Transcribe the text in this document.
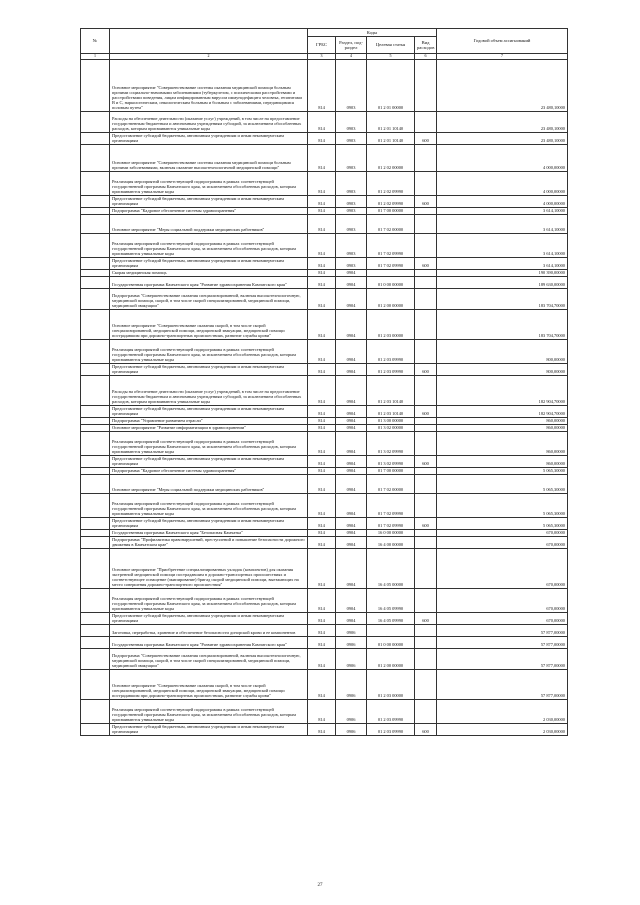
№		Коды				Годовой объем ассигнований
		ГРБС	Раздел, под-раздел	Целевая статья	Вид расходов	
1	2	3	4	5	6	7
	Основное мероприятие "Совершенствование системы оказания медицинской помощи больным прочими социально-значимыми заболеваниями (туберкулезом, с психическими расстройствами и расстройствами поведения, лицам инфицированным вирусом иммунодефицита человека, гепатитами В и С, наркологическим, онкологическим больным и больным с заболеваниями, передающимися половым путем"	814	0903	01 2 01 00000		23 480,10000
	Расходы на обеспечение деятельности (оказание услуг) учреждений, в том числе на предоставление государственным бюджетным и автономным учреждениям субсидий, за исключением обособленных расходов, которым присваиваются уникальные коды	814	0903	01 2 01 10140		23 480,10000
	Предоставление субсидий бюджетным, автономным учреждениям и иным некоммерческим организациям	814	0903	01 2 01 10140	600	23 480,10000
	Основное мероприятие "Совершенствование системы оказания медицинской помощи больным прочими заболеваниями, включая оказание высокотехнологичной медицинской помощи"	814	0903	01 2 02 00000		4 000,00000
	Реализация мероприятий соответствующей подпрограммы в рамках соответствующей государственной программы Камчатского края, за исключением обособленных расходов, которым присваиваются уникальные коды	814	0903	01 2 02 09990		4 000,00000
	Предоставление субсидий бюджетным, автономным учреждениям и иным некоммерческим организациям	814	0903	01 2 02 09990	600	4 000,00000
	Подпрограмма "Кадровое обеспечение системы здравоохранения"	814	0903	01 7 00 00000		3 614,10000
	Основное мероприятие "Меры социальной поддержки медицинских работников"	814	0903	01 7 02 00000		3 614,10000
	Реализация мероприятий соответствующей подпрограммы в рамках соответствующей государственной программы Камчатского края, за исключением обособленных расходов, которым присваиваются уникальные коды	814	0903	01 7 02 09990		3 614,10000
	Предоставление субсидий бюджетным, автономным учреждениям и иным некоммерческим организациям	814	0903	01 7 02 09990	600	3 614,10000
	Скорая медицинская помощь	814	0904			190 390,00000
	Государственная программа Камчатского края "Развитие здравоохранения Камчатского края"	814	0904	01 0 00 00000		189 630,00000
	Подпрограмма "Совершенствование оказания специализированной, включая высокотехнологичную, медицинской помощи, скорой, в том числе скорой специализированной, медицинской помощи, медицинской эвакуации"	814	0904	01 2 00 00000		183 704,70000
	Основное мероприятие "Совершенствование оказания скорой, в том числе скорой специализированной, медицинской помощи, медицинской эвакуации, медицинской помощи пострадавшим при дорожно-транспортных происшествиях, развитие службы крови"	814	0904	01 2 03 00000		183 704,70000
	Реализация мероприятий соответствующей подпрограммы в рамках соответствующей государственной программы Камчатского края, за исключением обособленных расходов, которым присваиваются уникальные коды	814	0904	01 2 03 09990		800,00000
	Предоставление субсидий бюджетным, автономным учреждениям и иным некоммерческим организациям	814	0904	01 2 03 09990	600	800,00000
	Расходы на обеспечение деятельности (оказание услуг) учреждений, в том числе на предоставление государственным бюджетным и автономным учреждениям субсидий, за исключением обособленных расходов, которым присваиваются уникальные коды	814	0904	01 2 03 10140		182 904,70000
	Предоставление субсидий бюджетным, автономным учреждениям и иным некоммерческим организациям	814	0904	01 2 03 10140	600	182 904,70000
	Подпрограмма "Управление развитием отрасли"	814	0904	01 3 00 00000		860,00000
	Основное мероприятие "Развитие информатизации в здравоохранении"	814	0904	01 3 02 00000		860,00000
	Реализация мероприятий соответствующей подпрограммы в рамках соответствующей государственной программы Камчатского края, за исключением обособленных расходов, которым присваиваются уникальные коды	814	0904	01 3 02 09990		860,00000
	Предоставление субсидий бюджетным, автономным учреждениям и иным некоммерческим организациям	814	0904	01 3 02 09990	600	860,00000
	Подпрограмма "Кадровое обеспечение системы здравоохранения"	814	0904	01 7 00 00000		5 065,30000
	Основное мероприятие "Меры социальной поддержки медицинских работников"	814	0904	01 7 02 00000		5 065,30000
	Реализация мероприятий соответствующей подпрограммы в рамках соответствующей государственной программы Камчатского края, за исключением обособленных расходов, которым присваиваются уникальные коды	814	0904	01 7 02 09990		5 065,30000
	Предоставление субсидий бюджетным, автономным учреждениям и иным некоммерческим организациям	814	0904	01 7 02 09990	600	5 065,30000
	Государственная программа Камчатского края "Безопасная Камчатка"	814	0904	16 0 00 00000		670,00000
	Подпрограмма "Профилактика правонарушений, преступлений и повышение безопасности дорожного движения в Камчатском крае"	814	0904	16 4 00 00000		670,00000
	Основное мероприятие "Приобретение специализированных укладок (комплектов) для оказания экстренной медицинской помощи пострадавшим в дорожно-транспортных происшествиях и соответствующее оснащение (экипирование) бригад скорой медицинской помощи, выезжающих на место совершения дорожно-транспортного происшествия"	814	0904	16 4 05 00000		670,00000
	Реализация мероприятий соответствующей подпрограммы в рамках соответствующей государственной программы Камчатского края, за исключением обособленных расходов, которым присваиваются уникальные коды	814	0904	16 4 05 09990		670,00000
	Предоставление субсидий бюджетным, автономным учреждениям и иным некоммерческим организациям	814	0904	16 4 05 09990	600	670,00000
	Заготовка, переработка, хранение и обеспечение безопасности донорской крови и ее компонентов	814	0906			57 877,00000
	Государственная программа Камчатского края "Развитие здравоохранения Камчатского края"	814	0906	01 0 00 00000		57 877,00000
	Подпрограмма "Совершенствование оказания специализированной, включая высокотехнологичную, медицинской помощи, скорой, в том числе скорой специализированной, медицинской помощи, медицинской эвакуации"	814	0906	01 2 00 00000		57 877,00000
	Основное мероприятие "Совершенствование оказания скорой, в том числе скорой специализированной, медицинской помощи, медицинской эвакуации, медицинской помощи пострадавшим при дорожно-транспортных происшествиях, развитие службы крови"	814	0906	01 2 03 00000		57 877,00000
	Реализация мероприятий соответствующей подпрограммы в рамках соответствующей государственной программы Камчатского края, за исключением обособленных расходов, которым присваиваются уникальные коды	814	0906	01 2 03 09990		2 030,00000
	Предоставление субсидий бюджетным, автономным учреждениям и иным некоммерческим организациям	814	0906	01 2 03 09990	600	2 030,00000
27
